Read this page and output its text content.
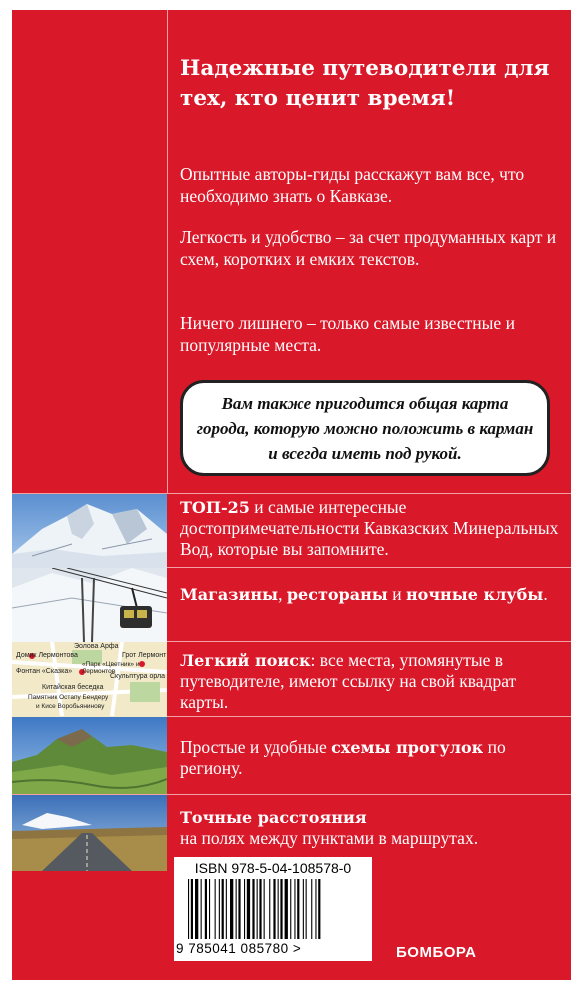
Надежные путеводители для тех, кто ценит время!
Опытные авторы-гиды расскажут вам все, что необходимо знать о Кавказе.
Легкость и удобство – за счет продуманных карт и схем, коротких и емких текстов.
Ничего лишнего – только самые известные и популярные места.
Вам также пригодится общая карта города, которую можно положить в карман и всегда иметь под рукой.
Эолова Арфа
Домик Лермонтова	Грот Лермонт
«Парк «Цветник» и Лермонтов
Фонтан «Сказка»
Скульптура орла
Китайская беседка
Памятник Остапу Бендеру
и Кисе Воробьянинову
ТОП-25 и самые интересные достопримечательности Кавказских Минеральных Вод, которые вы запомните.
Магазины, рестораны и ночные клубы.
Легкий поиск: все места, упомянутые в путеводителе, имеют ссылку на свой квадрат карты.
Простые и удобные схемы прогулок по региону.
Точные расстояния
на полях между пунктами в маршрутах.
БОМБОРА
ISBN 978-5-04-108578-0
9 785041 085780 >
